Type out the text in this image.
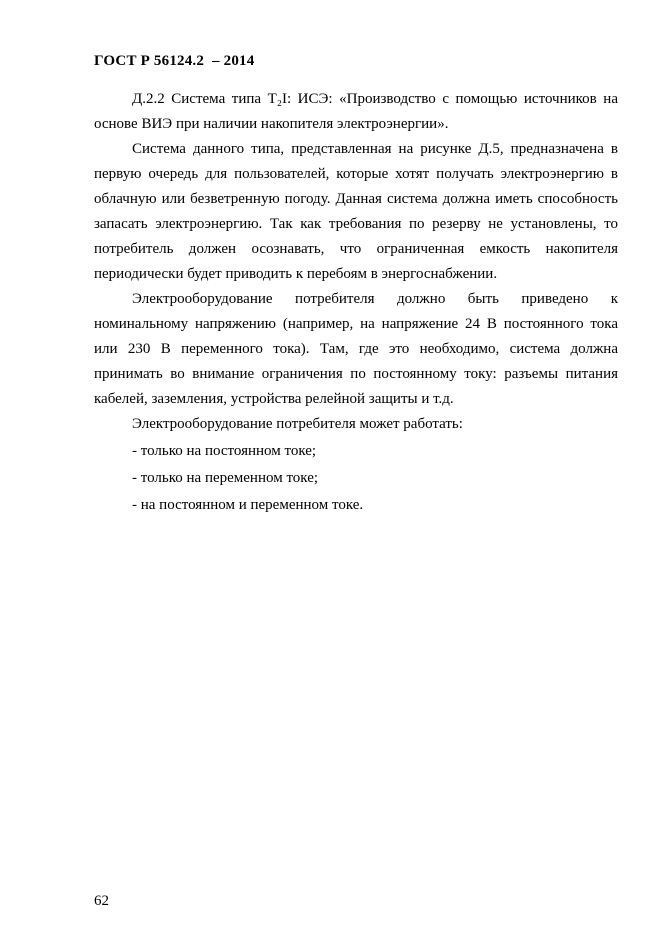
ГОСТ Р 56124.2  – 2014

Д.2.2 Система типа Т₂I: ИСЭ: «Производство с помощью источников на основе ВИЭ при наличии накопителя электроэнергии».

Система данного типа, представленная на рисунке Д.5, предназначена в первую очередь для пользователей, которые хотят получать электроэнергию в облачную или безветренную погоду. Данная система должна иметь способность запасать электроэнергию. Так как требования по резерву не установлены, то потребитель должен осознавать, что ограниченная емкость накопителя периодически будет приводить к перебоям в энергоснабжении.

Электрооборудование потребителя должно быть приведено к номинальному напряжению (например, на напряжение 24 В постоянного тока или 230 В переменного тока). Там, где это необходимо, система должна принимать во внимание ограничения по постоянному току: разъемы питания кабелей, заземления, устройства релейной защиты и т.д.

Электрооборудование потребителя может работать:

- только на постоянном токе;

- только на переменном токе;

- на постоянном и переменном токе.

62
